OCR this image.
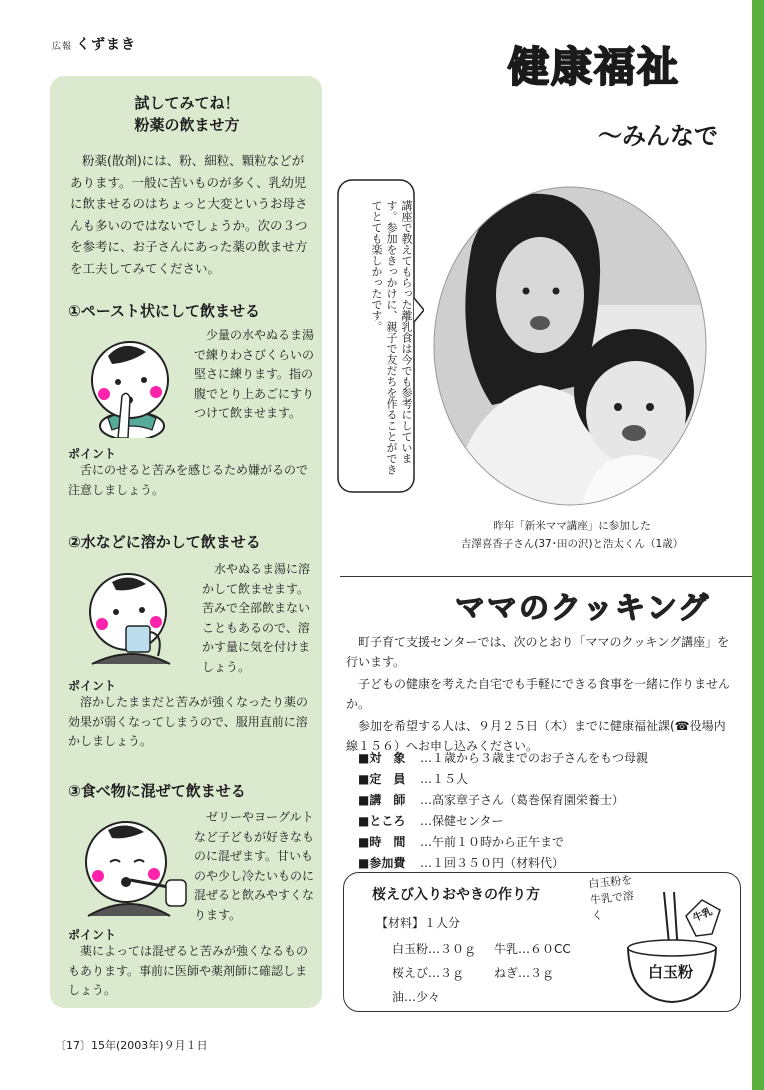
広報 くずまき
試してみてね！
粉薬の飲ませ方
粉薬(散剤)には、粉、細粒、顆粒などがあります。一般に苦いものが多く、乳幼児に飲ませるのはちょっと大変というお母さんも多いのではないでしょうか。次の３つを参考に、お子さんにあった薬の飲ませ方を工夫してみてください。
①ペースト状にして飲ませる
少量の水やぬるま湯で練りわさびくらいの堅さに練ります。指の腹でとり上あごにすりつけて飲ませます。
ポイント
舌にのせると苦みを感じるため嫌がるので注意しましょう。
②水などに溶かして飲ませる
水やぬるま湯に溶かして飲ませます。苦みで全部飲まないこともあるので、溶かす量に気を付けましょう。
ポイント
溶かしたままだと苦みが強くなったり薬の効果が弱くなってしまうので、服用直前に溶かしましょう。
③食べ物に混ぜて飲ませる
ゼリーやヨーグルトなど子どもが好きなものに混ぜます。甘いものや少し冷たいものに混ぜると飲みやすくなります。
ポイント
薬によっては混ぜると苦みが強くなるものもあります。事前に医師や薬剤師に確認しましょう。
健康福祉
～みんなで
講座で教えてもらった離乳食は今でも参考にしています。参加をきっかけに、親子で友だちを作ることができてとても楽しかったです。
昨年「新米ママ講座」に参加した
吉澤喜香子さん(37･田の沢)と浩太くん（1歳）
ママのクッキング
町子育て支援センターでは、次のとおり「ママのクッキング講座」を行います。
子どもの健康を考えた自宅でも手軽にできる食事を一緒に作りませんか。
参加を希望する人は、９月２５日（木）までに健康福祉課(☎役場内線１５６）へお申し込みください。
■対　象 …１歳から３歳までのお子さんをもつ母親
■定　員 …１５人
■講　師 …高家章子さん（葛巻保育園栄養士）
■ところ …保健センター
■時　間 …午前１０時から正午まで
■参加費 …１回３５０円（材料代）
桜えび入りおやきの作り方
【材料】１人分
白玉粉…３０ｇ 牛乳…６０CC
桜えび…３ｇ ねぎ…３ｇ
油…少々
白玉粉を牛乳で溶く
白玉粉
牛乳
〔17〕15年(2003年)９月１日
